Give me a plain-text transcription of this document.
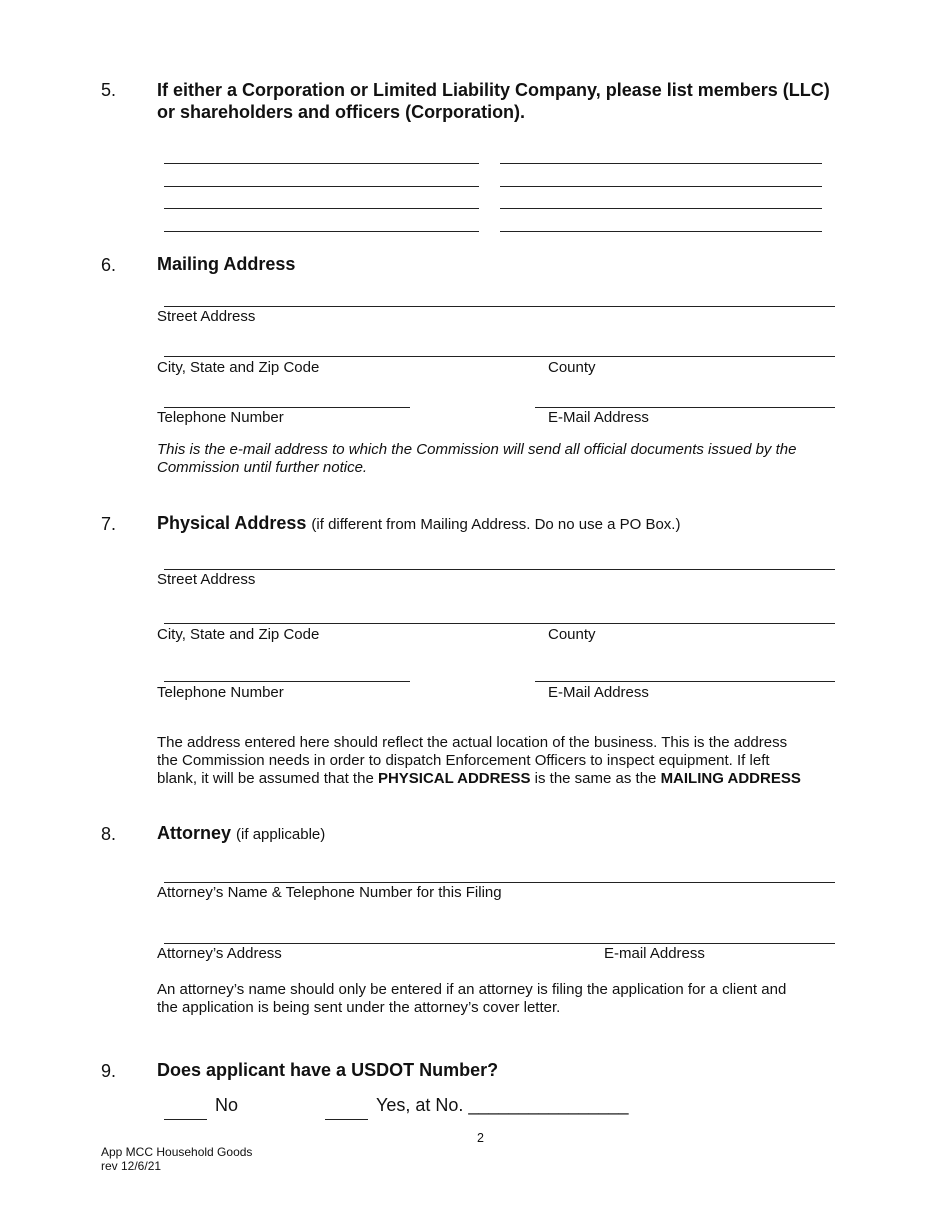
5. If either a Corporation or Limited Liability Company, please list members (LLC)
or shareholders and officers (Corporation).
6. Mailing Address
Street Address
City, State and Zip Code	County
Telephone Number	E-Mail Address
This is the e-mail address to which the Commission will send all official documents issued by the
Commission until further notice.
7. Physical Address (if different from Mailing Address. Do no use a PO Box.)
Street Address
City, State and Zip Code	County
Telephone Number	E-Mail Address
The address entered here should reflect the actual location of the business. This is the address
the Commission needs in order to dispatch Enforcement Officers to inspect equipment. If left
blank, it will be assumed that the PHYSICAL ADDRESS is the same as the MAILING ADDRESS
8. Attorney (if applicable)
Attorney’s Name & Telephone Number for this Filing
Attorney’s Address	E-mail Address
An attorney’s name should only be entered if an attorney is filing the application for a client and
the application is being sent under the attorney’s cover letter.
9. Does applicant have a USDOT Number?
No	Yes, at No. ________________
2
App MCC Household Goods
rev 12/6/21
